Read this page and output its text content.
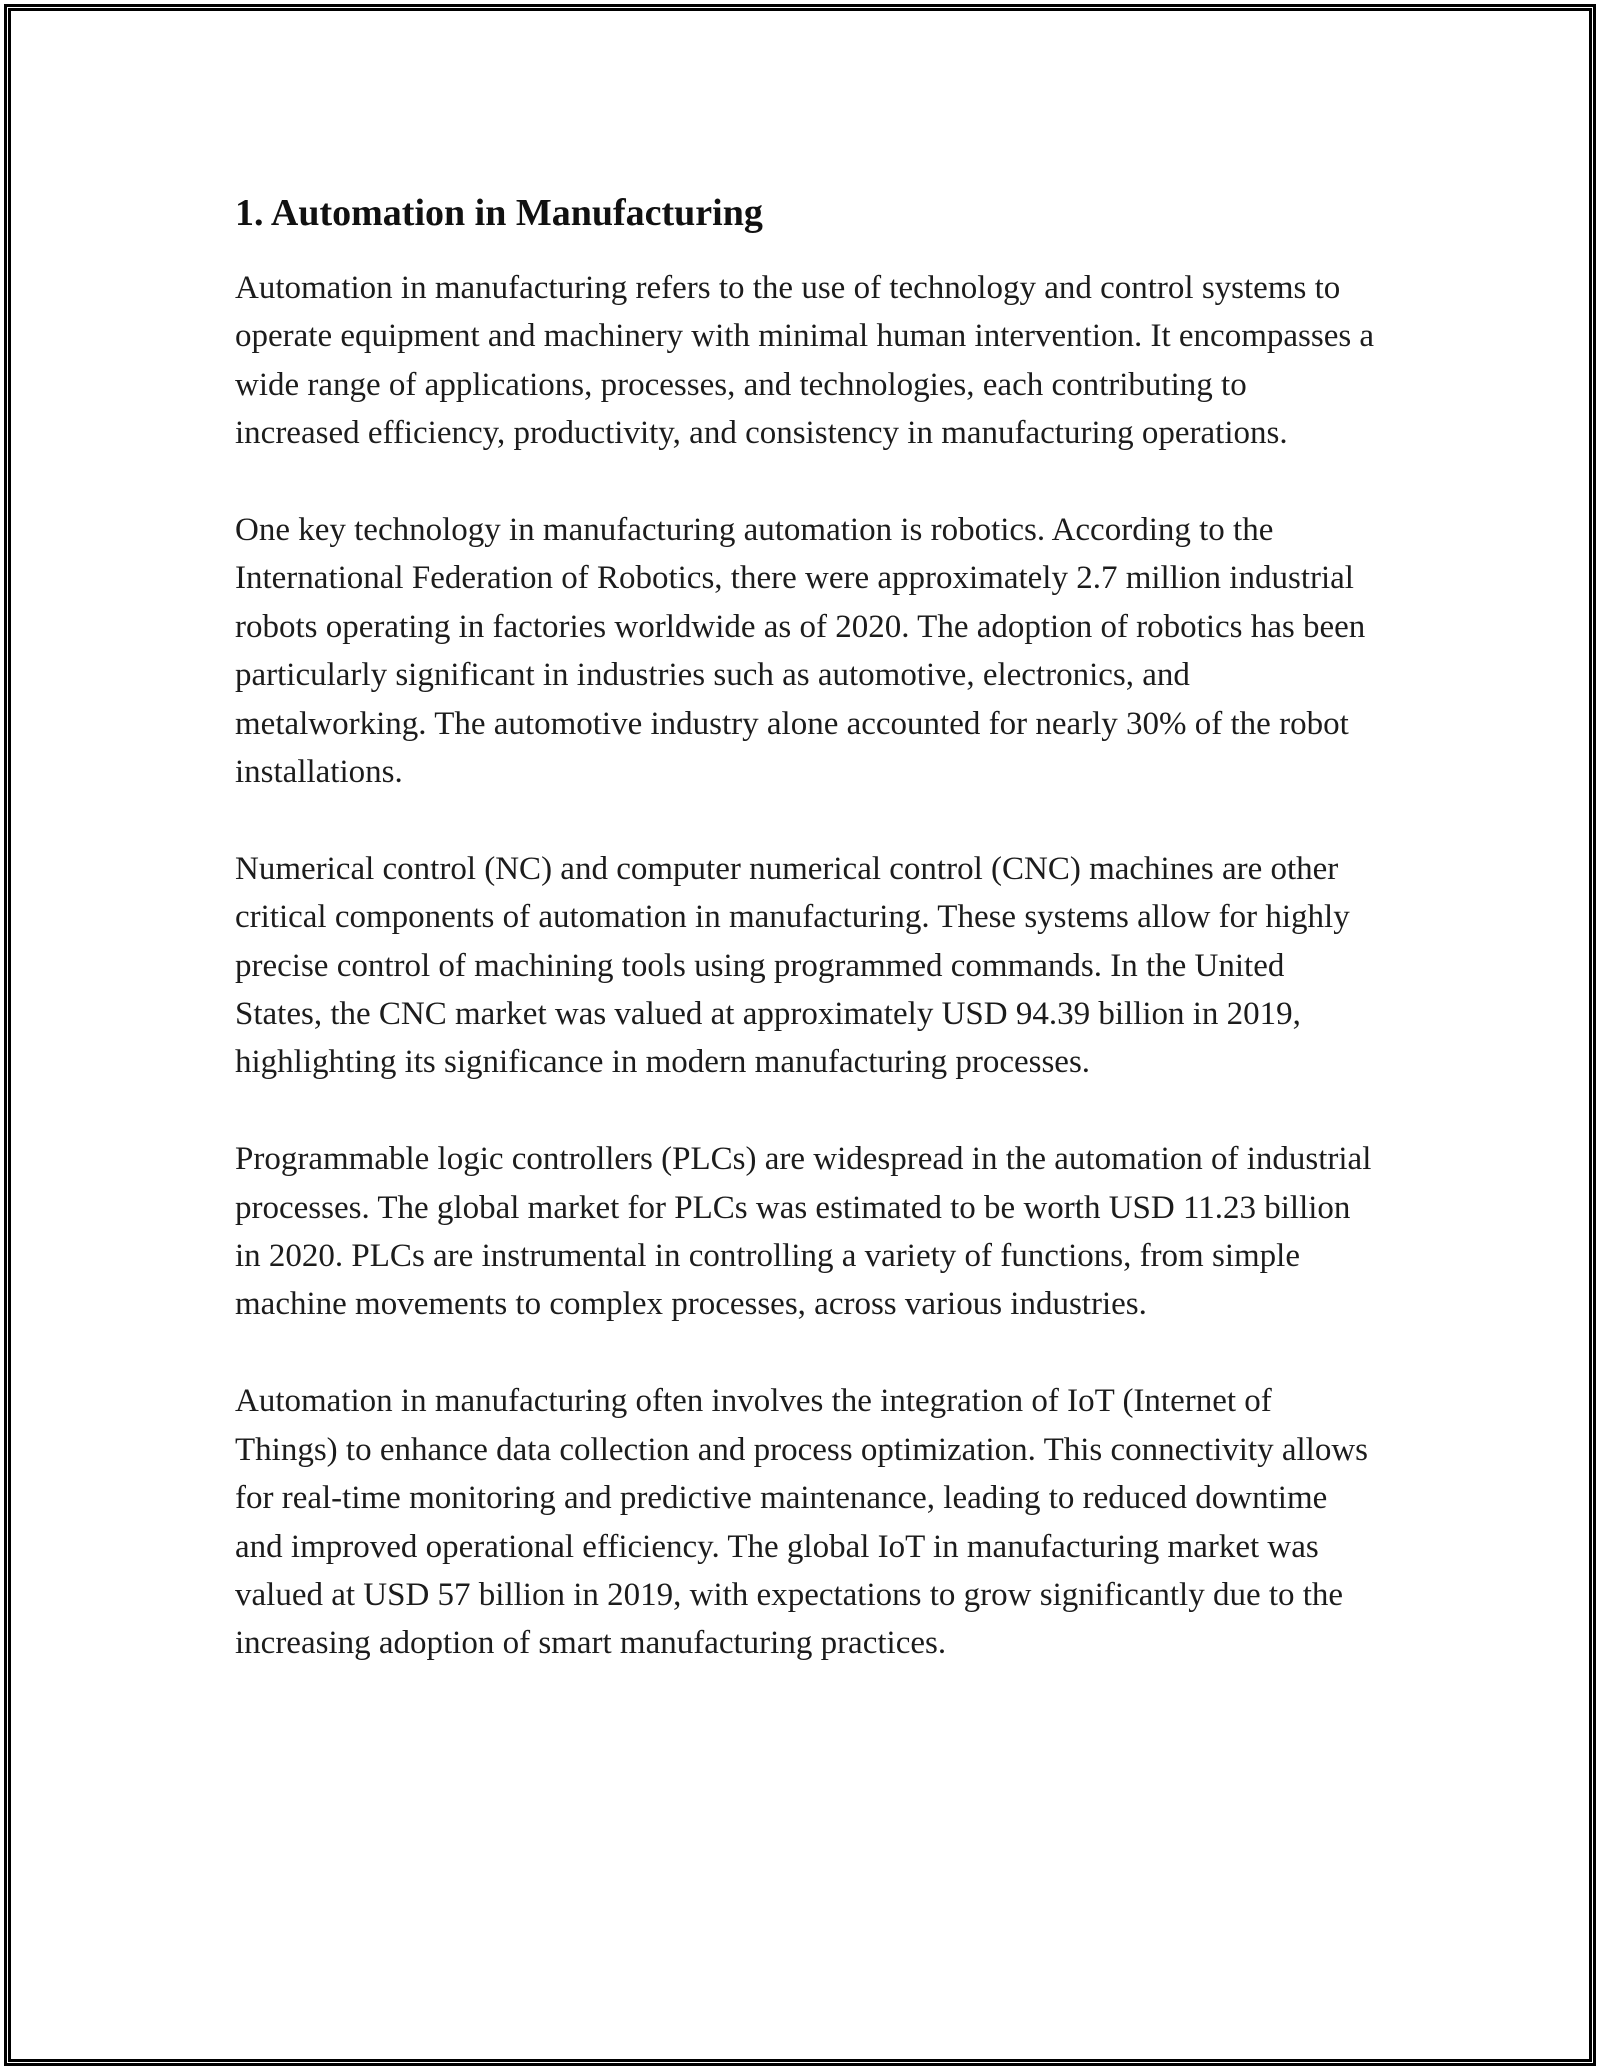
1. Automation in Manufacturing

Automation in manufacturing refers to the use of technology and control systems to operate equipment and machinery with minimal human intervention. It encompasses a wide range of applications, processes, and technologies, each contributing to increased efficiency, productivity, and consistency in manufacturing operations.

One key technology in manufacturing automation is robotics. According to the International Federation of Robotics, there were approximately 2.7 million industrial robots operating in factories worldwide as of 2020. The adoption of robotics has been particularly significant in industries such as automotive, electronics, and metalworking. The automotive industry alone accounted for nearly 30% of the robot installations.

Numerical control (NC) and computer numerical control (CNC) machines are other critical components of automation in manufacturing. These systems allow for highly precise control of machining tools using programmed commands. In the United States, the CNC market was valued at approximately USD 94.39 billion in 2019, highlighting its significance in modern manufacturing processes.

Programmable logic controllers (PLCs) are widespread in the automation of industrial processes. The global market for PLCs was estimated to be worth USD 11.23 billion in 2020. PLCs are instrumental in controlling a variety of functions, from simple machine movements to complex processes, across various industries.

Automation in manufacturing often involves the integration of IoT (Internet of Things) to enhance data collection and process optimization. This connectivity allows for real-time monitoring and predictive maintenance, leading to reduced downtime and improved operational efficiency. The global IoT in manufacturing market was valued at USD 57 billion in 2019, with expectations to grow significantly due to the increasing adoption of smart manufacturing practices.
